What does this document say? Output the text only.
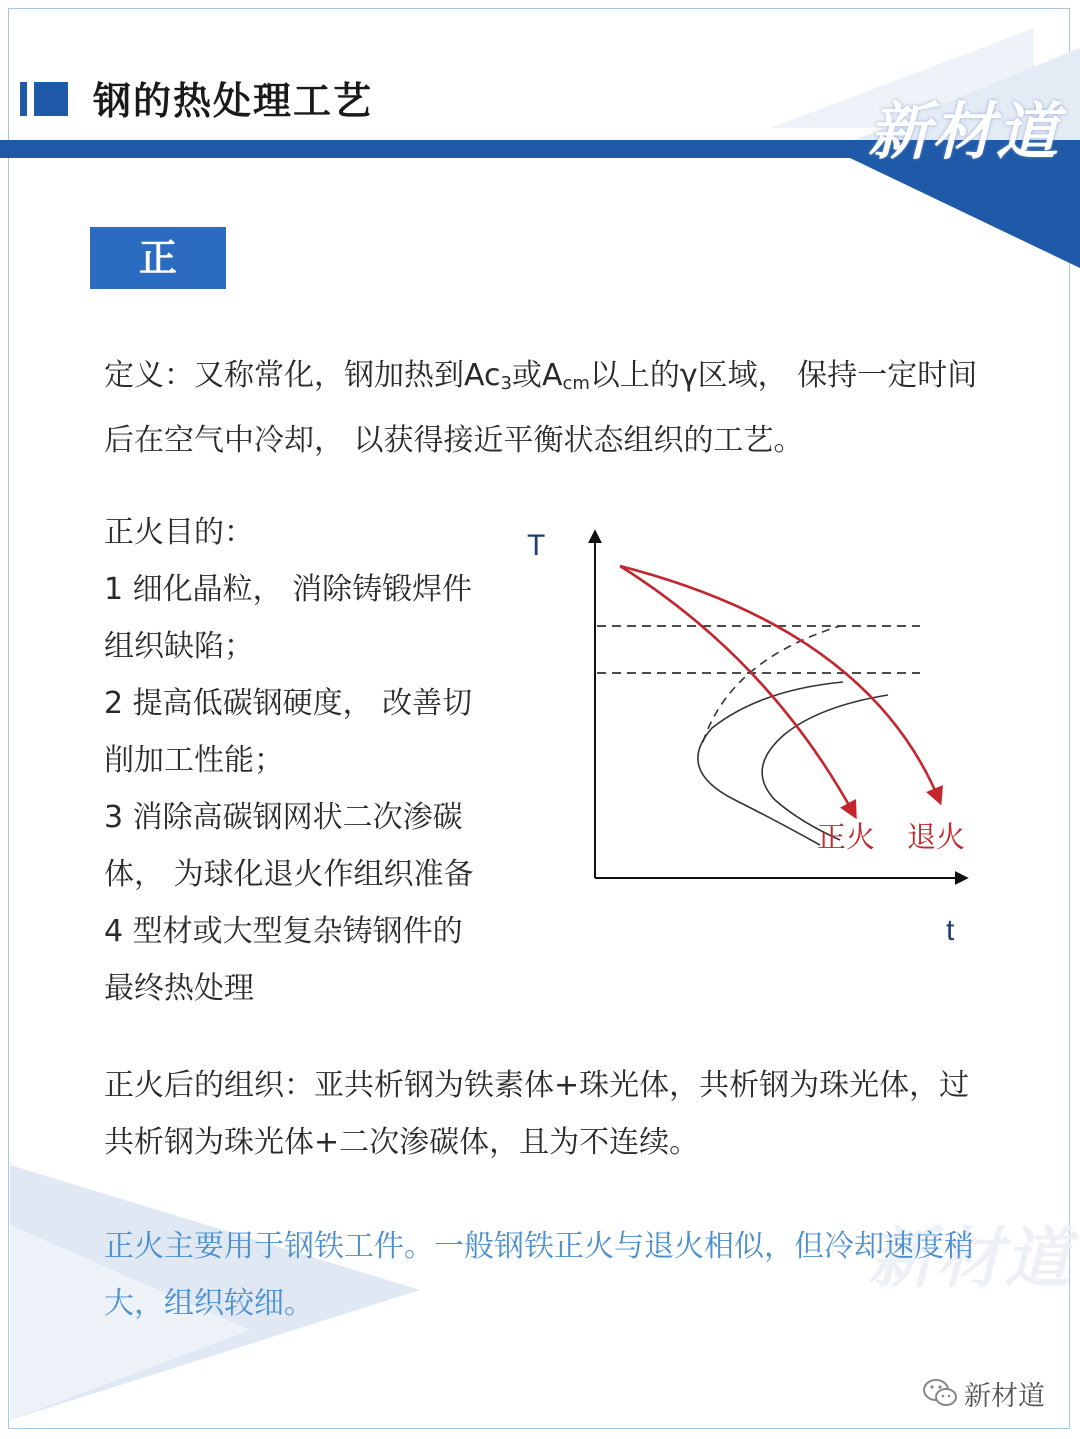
钢的热处理工艺	新材道
正 火
定义：又称常化，钢加热到$Ac_3$或$A_{cm}$以上的γ区域， 保持一定时间后在空气中冷却， 以获得接近平衡状态组织的工艺。
正火目的：
1 细化晶粒， 消除铸锻焊件
组织缺陷；
2 提高低碳钢硬度， 改善切
削加工性能；
3 消除高碳钢网状二次渗碳
体， 为球化退火作组织准备
4 型材或大型复杂铸钢件的
最终热处理
T
t
正火 退火
正火后的组织：亚共析钢为铁素体+珠光体，共析钢为珠光体，过共析钢为珠光体+二次渗碳体，且为不连续。
新材道
正火主要用于钢铁工件。一般钢铁正火与退火相似，但冷却速度稍大，组织较细。
新材道
